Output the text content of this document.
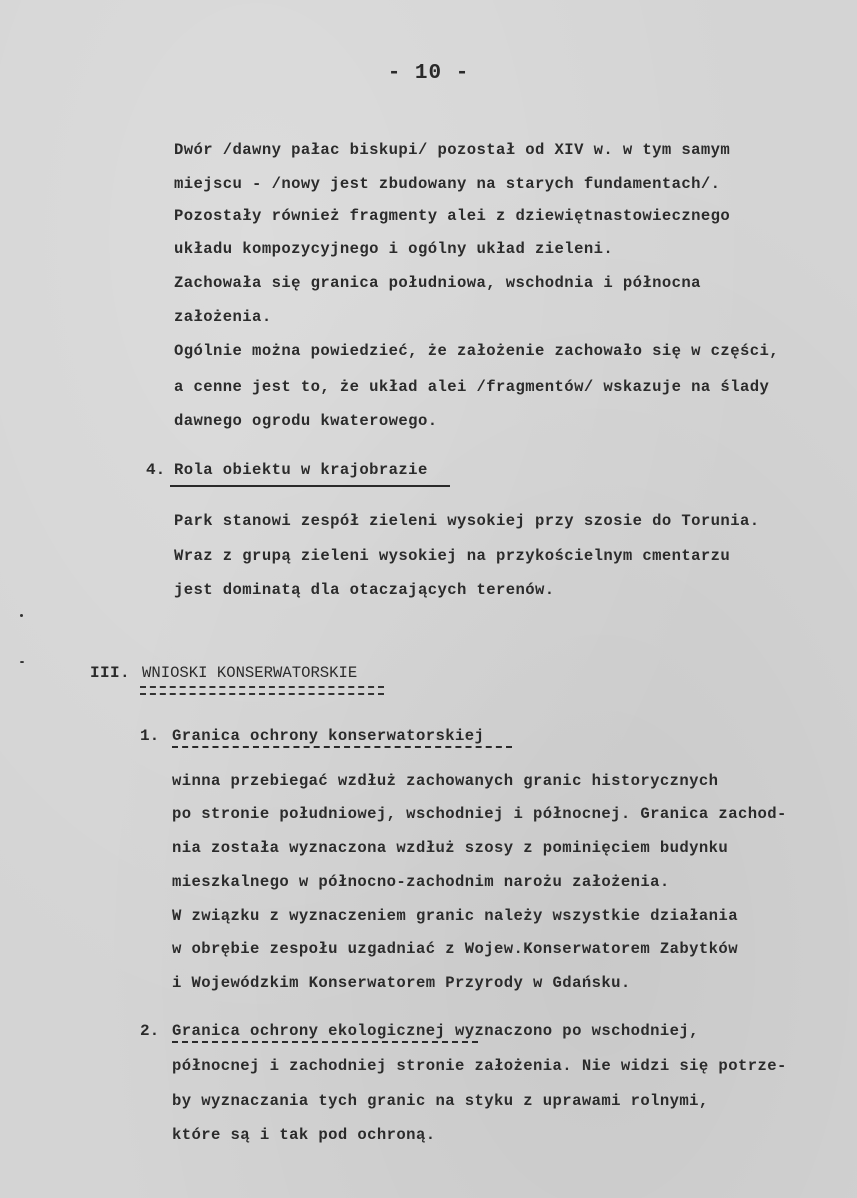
- 10 -
Dwór /dawny pałac biskupi/ pozostał od XIV w. w tym samym
miejscu - /nowy jest zbudowany na starych fundamentach/.
Pozostały również fragmenty alei z dziewiętnastowiecznego
układu kompozycyjnego i ogólny układ zieleni.
Zachowała się granica południowa, wschodnia i północna
założenia.
Ogólnie można powiedzieć, że założenie zachowało się w części,
a cenne jest to, że układ alei /fragmentów/ wskazuje na ślady
dawnego ogrodu kwaterowego.
4. Rola obiektu w krajobrazie
Park stanowi zespół zieleni wysokiej przy szosie do Torunia.
Wraz z grupą zieleni wysokiej na przykościelnym cmentarzu
jest dominatą dla otaczających terenów.
III. WNIOSKI KONSERWATORSKIE
1. Granica ochrony konserwatorskiej
winna przebiegać wzdłuż zachowanych granic historycznych
po stronie południowej, wschodniej i północnej. Granica zachod-
nia została wyznaczona wzdłuż szosy z pominięciem budynku
mieszkalnego w północno-zachodnim narożu założenia.
W związku z wyznaczeniem granic należy wszystkie działania
w obrębie zespołu uzgadniać z Wojew.Konserwatorem Zabytków
i Wojewódzkim Konserwatorem Przyrody w Gdańsku.
2. Granica ochrony ekologicznej wyznaczono po wschodniej,
północnej i zachodniej stronie założenia. Nie widzi się potrze-
by wyznaczania tych granic na styku z uprawami rolnymi,
które są i tak pod ochroną.
